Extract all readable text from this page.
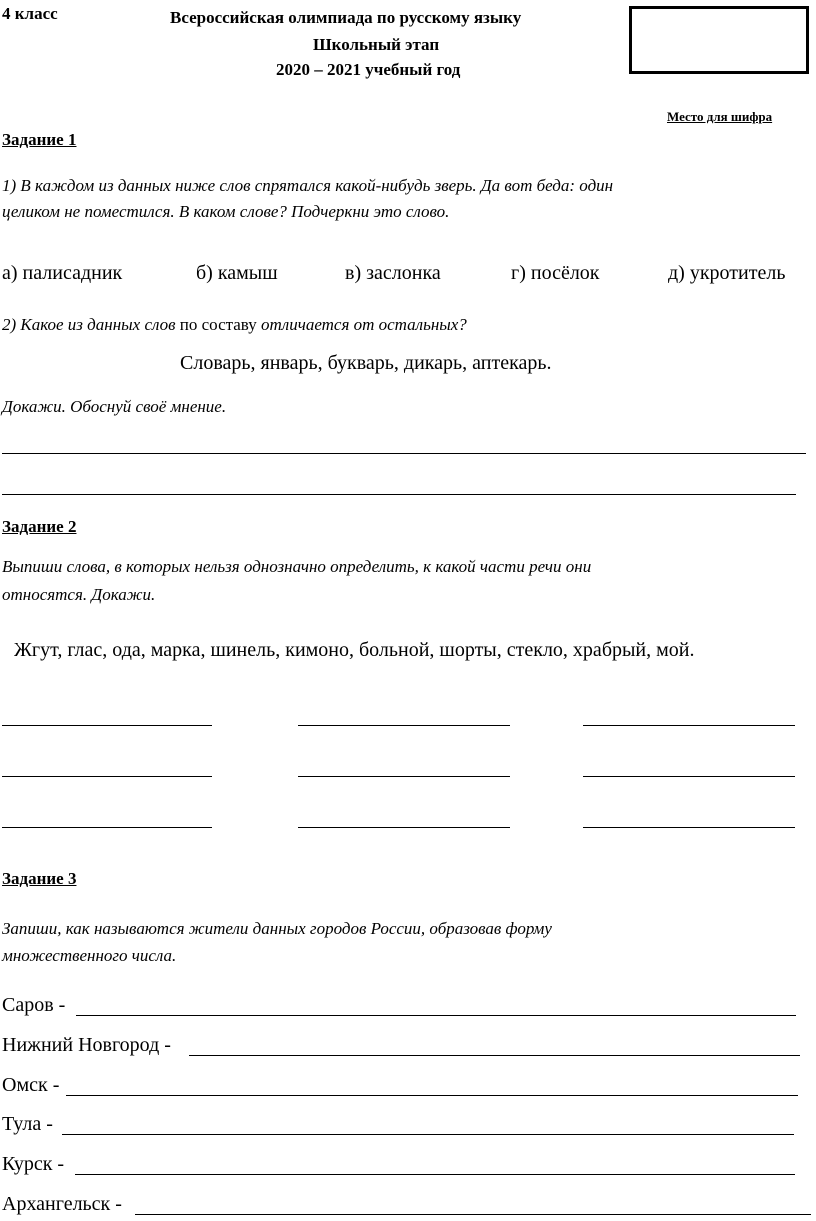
4 класс	Всероссийская олимпиада по русскому языку
Школьный этап
2020 – 2021 учебный год
Место для шифра
Задание 1
1) В каждом из данных ниже слов спрятался какой-нибудь зверь. Да вот беда: один
целиком не поместился. В каком слове? Подчеркни это слово.
а) палисадник	б) камыш	в) заслонка	г) посёлок	д) укротитель
2) Какое из данных слов по составу отличается от остальных?
Словарь, январь, букварь, дикарь, аптекарь.
Докажи. Обоснуй своё мнение.
Задание 2
Выпиши слова, в которых нельзя однозначно определить, к какой части речи они
относятся. Докажи.
Жгут, глас, ода, марка, шинель, кимоно, больной, шорты, стекло, храбрый, мой.
Задание 3
Запиши, как называются жители данных городов России, образовав форму
множественного числа.
Саров -
Нижний Новгород -
Омск -
Тула -
Курск -
Архангельск -
